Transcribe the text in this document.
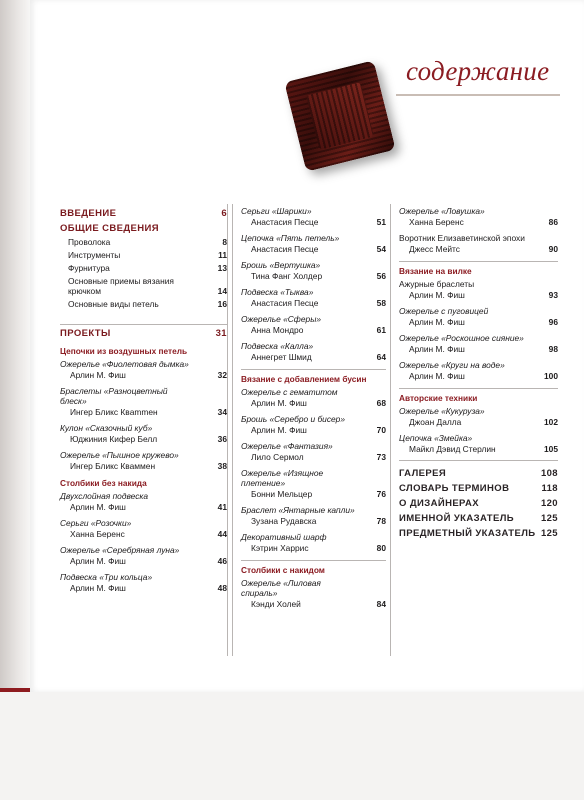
содержание
ВВЕДЕНИЕ	6
ОБЩИЕ СВЕДЕНИЯ
Проволока	8
Инструменты	11
Фурнитура	13
Основные приемы вязания крючком	14
Основные виды петель	16
ПРОЕКТЫ	31
Цепочки из воздушных петель
Ожерелье «Фиолетовая дымка»
Арлин М. Фиш	32
Браслеты «Разноцветный блеск»
Ингер Бликс Квammен	34
Кулон «Сказочный куб»
Юджиния Кифер Белл	36
Ожерелье «Пышное кружево»
Ингер Бликс Кваммен	38
Столбики без накида
Двухслойная подвеска
Арлин М. Фиш	41
Серьги «Розочки»
Ханна Беренс	44
Ожерелье «Серебряная луна»
Арлин М. Фиш	46
Подвеска «Три кольца»
Арлин М. Фиш	48
Серьги «Шарики»
Анастасия Песце	51
Цепочка «Пять петель»
Анастасия Песце	54
Брошь «Вертушка»
Тина Фанг Холдер	56
Подвеска «Тыква»
Анастасия Песце	58
Ожерелье «Сферы»
Анна Мондро	61
Подвеска «Калла»
Аннегрет Шмид	64
Вязание с добавлением бусин
Ожерелье с гематитом
Арлин М. Фиш	68
Брошь «Серебро и бисер»
Арлин М. Фиш	70
Ожерелье «Фантазия»
Лило Сермол	73
Ожерелье «Изящное плетение»
Бонни Мельцер	76
Браслет «Янтарные капли»
Зузана Рудавска	78
Декоративный шарф
Кэтрин Харрис	80
Столбики с накидом
Ожерелье «Лиловая спираль»
Кэнди Холей	84
Ожерелье «Ловушка»
Ханна Беренс	86
Воротник Елизаветинской эпохи
Джесс Мейтс	90
Вязание на вилке
Ажурные браслеты
Арлин М. Фиш	93
Ожерелье с пуговицей
Арлин М. Фиш	96
Ожерелье «Роскошное сияние»
Арлин М. Фиш	98
Ожерелье «Круги на воде»
Арлин М. Фиш	100
Авторские техники
Ожерелье «Кукуруза»
Джоан Далла	102
Цепочка «Змейка»
Майкл Дэвид Стерлин	105
ГАЛЕРЕЯ	108
СЛОВАРЬ ТЕРМИНОВ	118
О ДИЗАЙНЕРАХ	120
ИМЕННОЙ УКАЗАТЕЛЬ	125
ПРЕДМЕТНЫЙ УКАЗАТЕЛЬ 125
